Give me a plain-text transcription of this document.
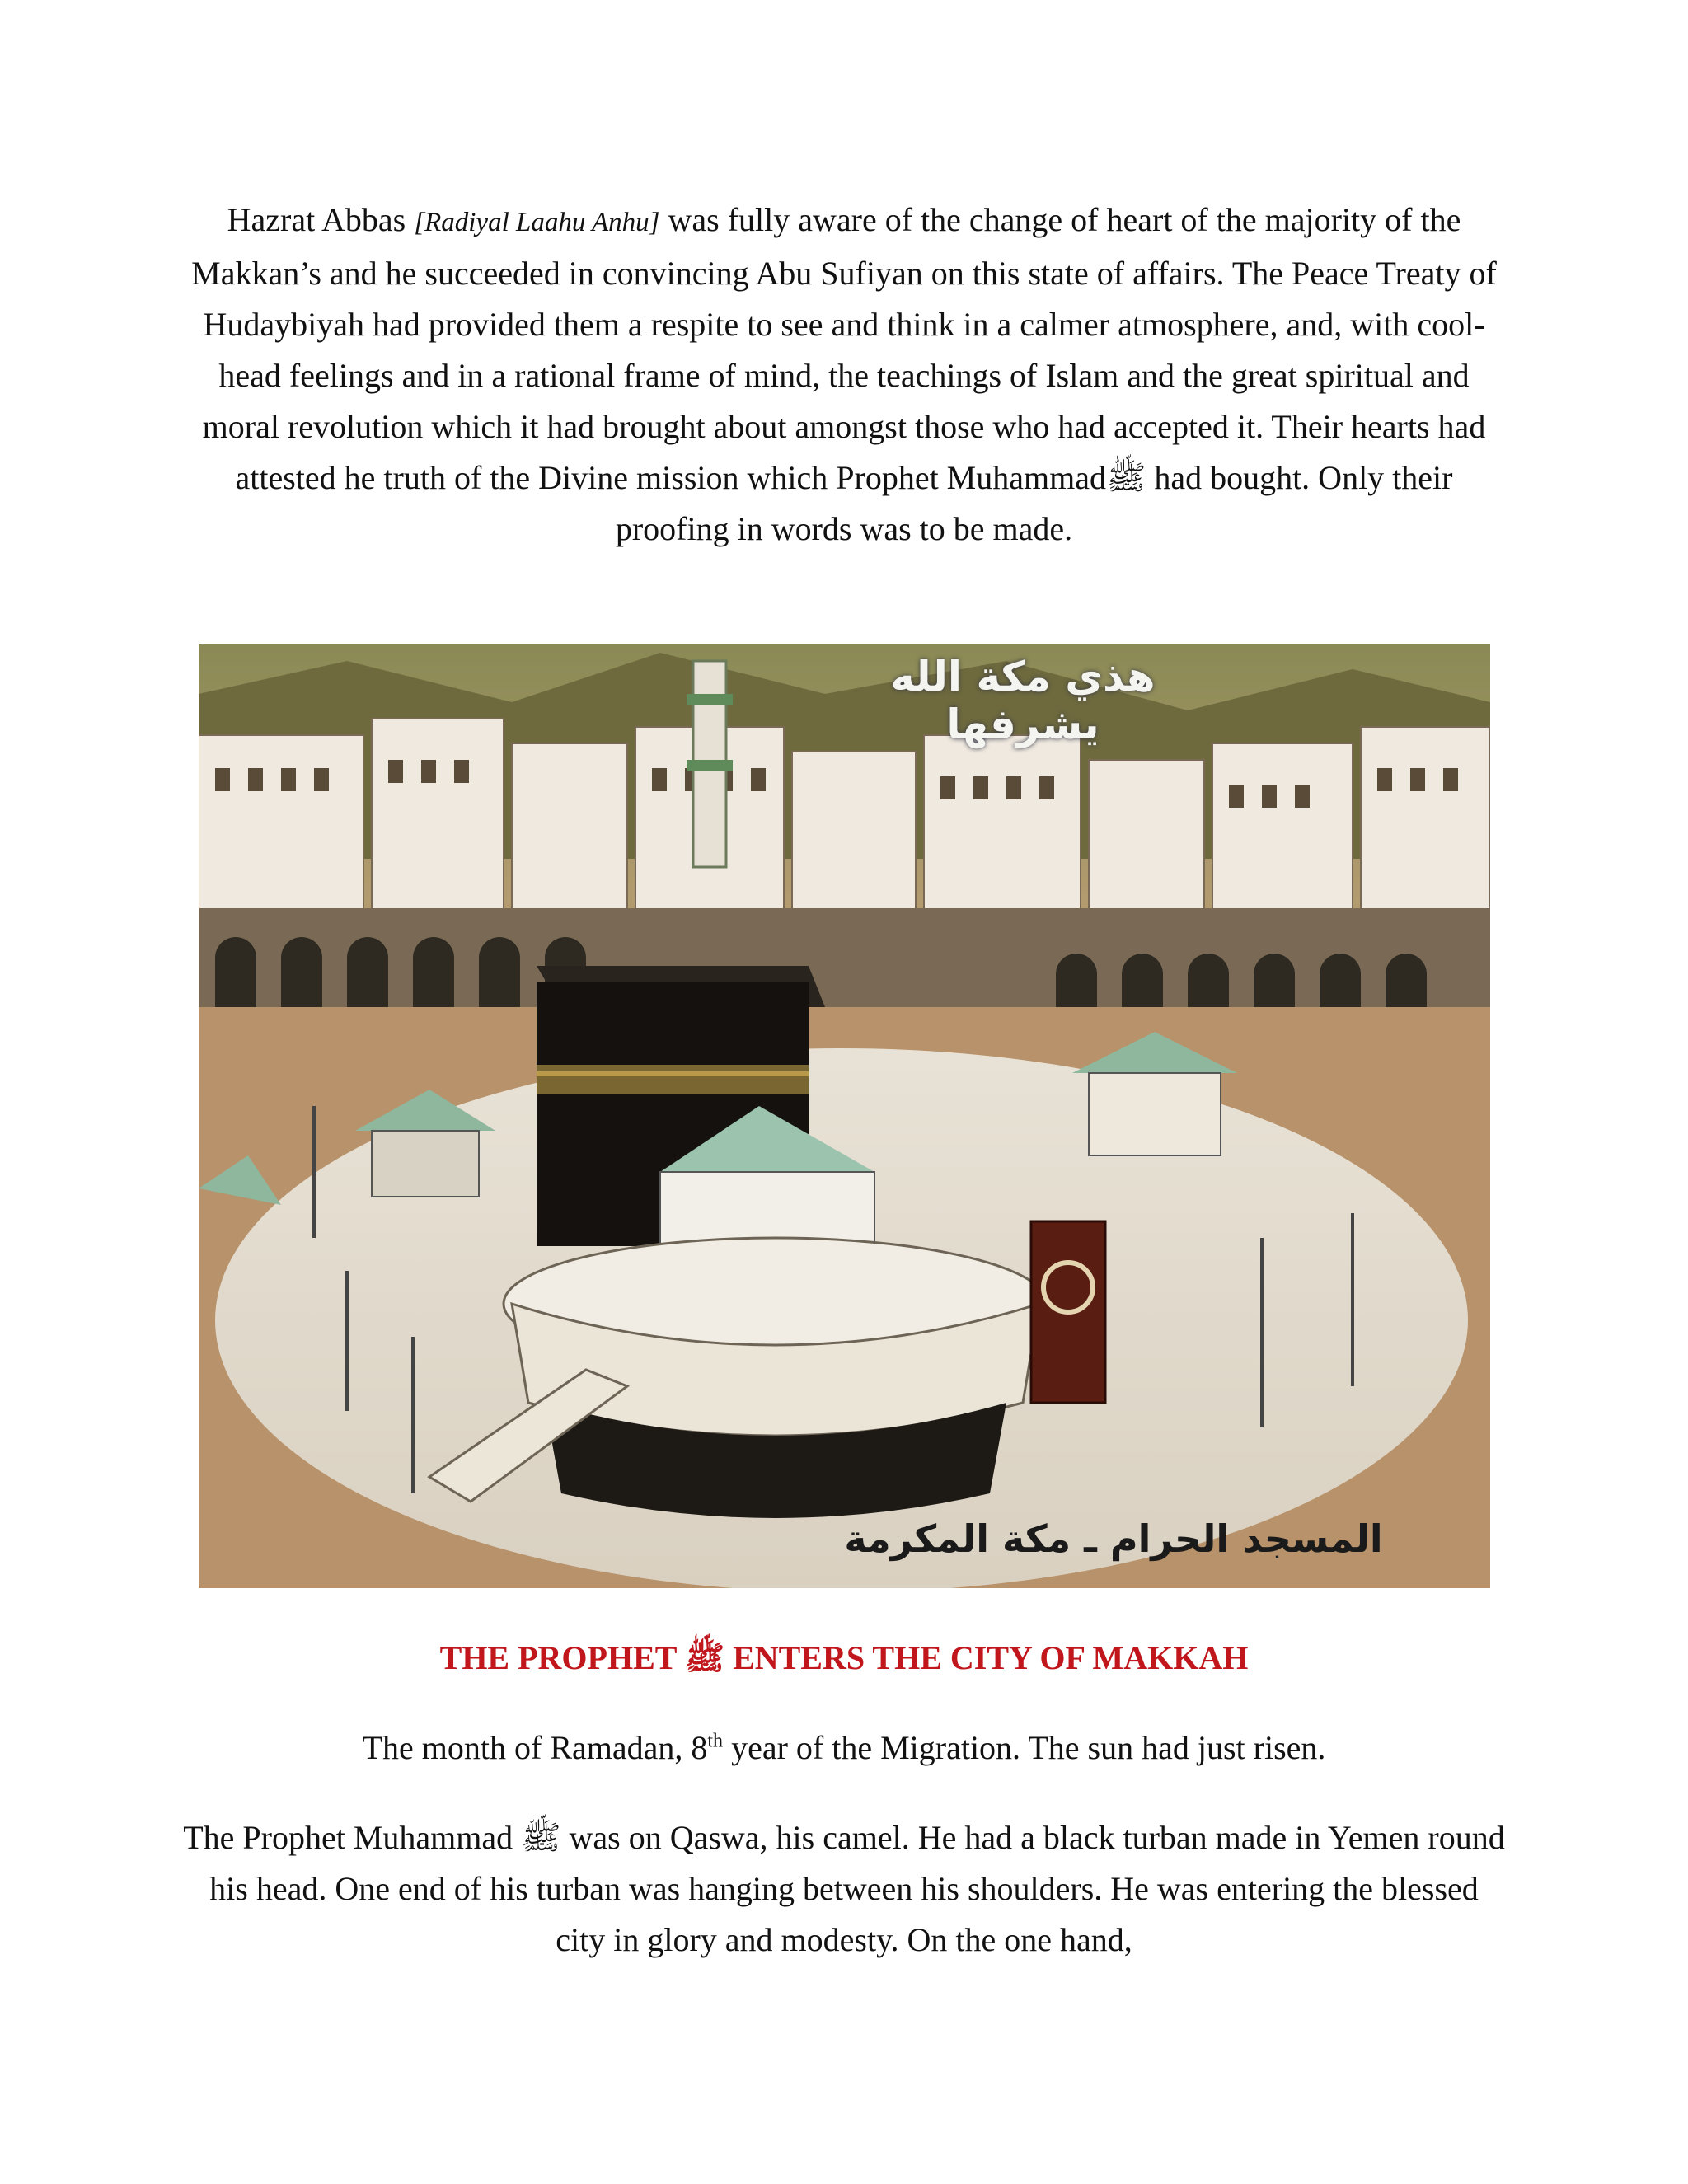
Hazrat Abbas [Radiyal Laahu Anhu] was fully aware of the change of heart of the majority of the Makkan’s and he succeeded in convincing Abu Sufiyan on this state of affairs. The Peace Treaty of Hudaybiyah had provided them a respite to see and think in a calmer atmosphere, and, with cool-head feelings and in a rational frame of mind, the teachings of Islam and the great spiritual and moral revolution which it had brought about amongst those who had accepted it. Their hearts had attested he truth of the Divine mission which Prophet Muhammadﷺ had bought. Only their proofing in words was to be made.

هذي مكة الله يشرفها
المسجد الحرام ـ مكة المكرمة
THE PROPHET ﷺ ENTERS THE CITY OF MAKKAH

The month of Ramadan, 8th year of the Migration. The sun had just risen.

The Prophet Muhammad ﷺ was on Qaswa, his camel. He had a black turban made in Yemen round his head. One end of his turban was hanging between his shoulders. He was entering the blessed city in glory and modesty. On the one hand,
